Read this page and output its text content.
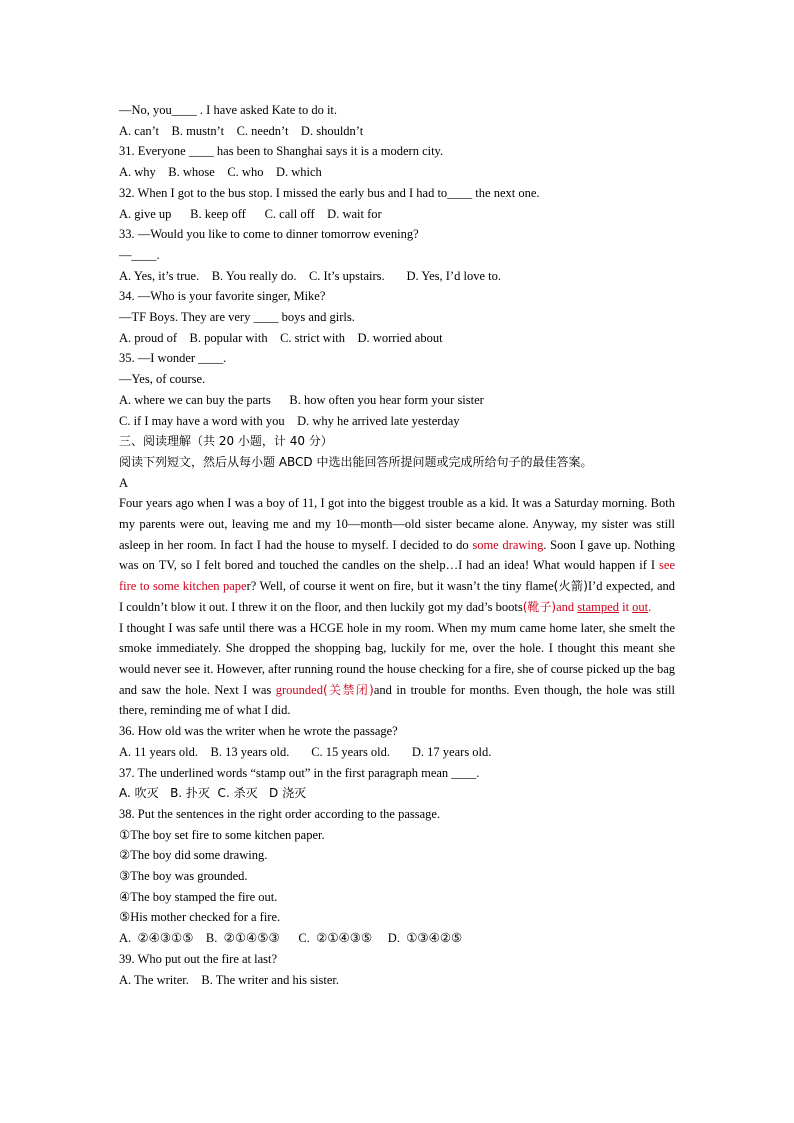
—No, you____ . I have asked Kate to do it.

A. can’t    B. mustn’t    C. needn’t    D. shouldn’t

31. Everyone ____ has been to Shanghai says it is a modern city.

A. why    B. whose    C. who    D. which

32. When I got to the bus stop. I missed the early bus and I had to____ the next one.

A. give up      B. keep off      C. call off    D. wait for

33. —Would you like to come to dinner tomorrow evening?

—____.

A. Yes, it’s true.    B. You really do.    C. It’s upstairs.       D. Yes, I’d love to.

34. —Who is your favorite singer, Mike?

—TF Boys. They are very ____ boys and girls.

A. proud of    B. popular with    C. strict with    D. worried about

35. —I wonder ____.

—Yes, of course.

A. where we can buy the parts      B. how often you hear form your sister

C. if I may have a word with you    D. why he arrived late yesterday

三、阅读理解（共 20 小题，计 40 分）

阅读下列短文，然后从每小题 ABCD 中选出能回答所提问题或完成所给句子的最佳答案。

A

Four years ago when I was a boy of 11, I got into the biggest trouble as a kid. It was a Saturday morning. Both my parents were out, leaving me and my 10—month—old sister became alone. Anyway, my sister was still asleep in her room. In fact I had the house to myself. I decided to do some drawing. Soon I gave up. Nothing was on TV, so I felt bored and touched the candles on the shelp…I had an idea! What would happen if I see fire to some kitchen paper? Well, of course it went on fire, but it wasn’t the tiny flame(火箭)I’d expected, and I couldn’t blow it out. I threw it on the floor, and then luckily got my dad’s boots(靴子)and stamped it out.

I thought I was safe until there was a HCGE hole in my room. When my mum came home later, she smelt the smoke immediately. She dropped the shopping bag, luckily for me, over the hole. I thought this meant she would never see it. However, after running round the house checking for a fire, she of course picked up the bag and saw the hole. Next I was grounded(关禁闭)and in trouble for months. Even though, the hole was still there, reminding me of what I did.

36. How old was the writer when he wrote the passage?

A. 11 years old.    B. 13 years old.       C. 15 years old.       D. 17 years old.

37. The underlined words “stamp out” in the first paragraph mean ____.

A. 吹灭   B. 扑灭  C. 杀灭   D 浇灭

38. Put the sentences in the right order according to the passage.

①The boy set fire to some kitchen paper.

②The boy did some drawing.

③The boy was grounded.

④The boy stamped the fire out.

⑤His mother checked for a fire.

A.  ②④③①⑤    B.  ②①④⑤③      C.  ②①④③⑤     D.  ①③④②⑤

39. Who put out the fire at last?

A. The writer.    B. The writer and his sister.
